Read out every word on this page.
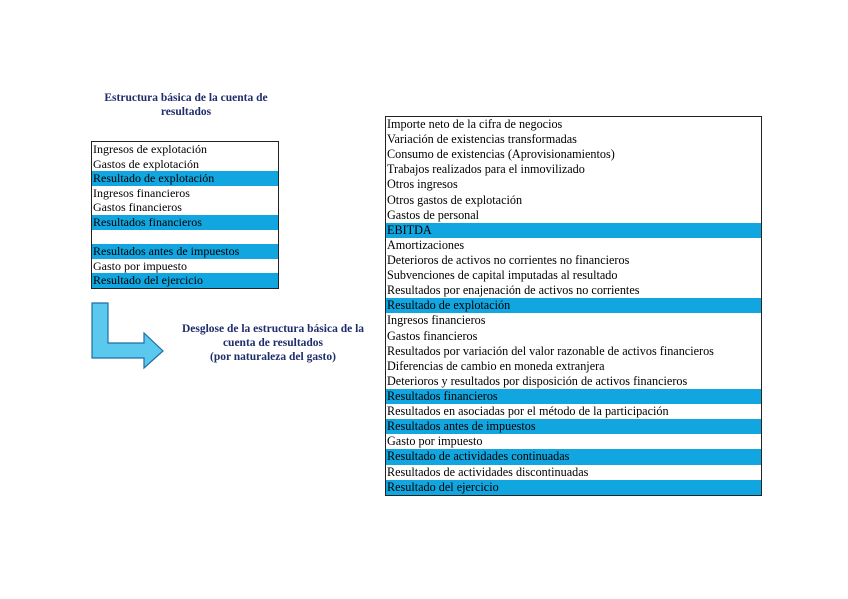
Estructura básica de la cuenta de
resultados
Ingresos de explotación
Gastos de explotación
Resultado de explotación
Ingresos financieros
Gastos financieros
Resultados financieros
Resultados antes de impuestos
Gasto por impuesto
Resultado del ejercicio
Desglose de la estructura básica de la
cuenta de resultados
(por naturaleza del gasto)
Importe neto de la cifra de negocios
Variación de existencias transformadas
Consumo de existencias (Aprovisionamientos)
Trabajos realizados para el inmovilizado
Otros ingresos
Otros gastos de explotación
Gastos de personal
EBITDA
Amortizaciones
Deterioros de activos no corrientes no financieros
Subvenciones de capital imputadas al resultado
Resultados por enajenación de activos no corrientes
Resultado de explotación
Ingresos financieros
Gastos financieros
Resultados por variación del valor razonable de activos financieros
Diferencias de cambio en moneda extranjera
Deterioros y resultados por disposición de activos financieros
Resultados financieros
Resultados en asociadas por el método de la participación
Resultados antes de impuestos
Gasto por impuesto
Resultado de actividades continuadas
Resultados de actividades discontinuadas
Resultado del ejercicio
